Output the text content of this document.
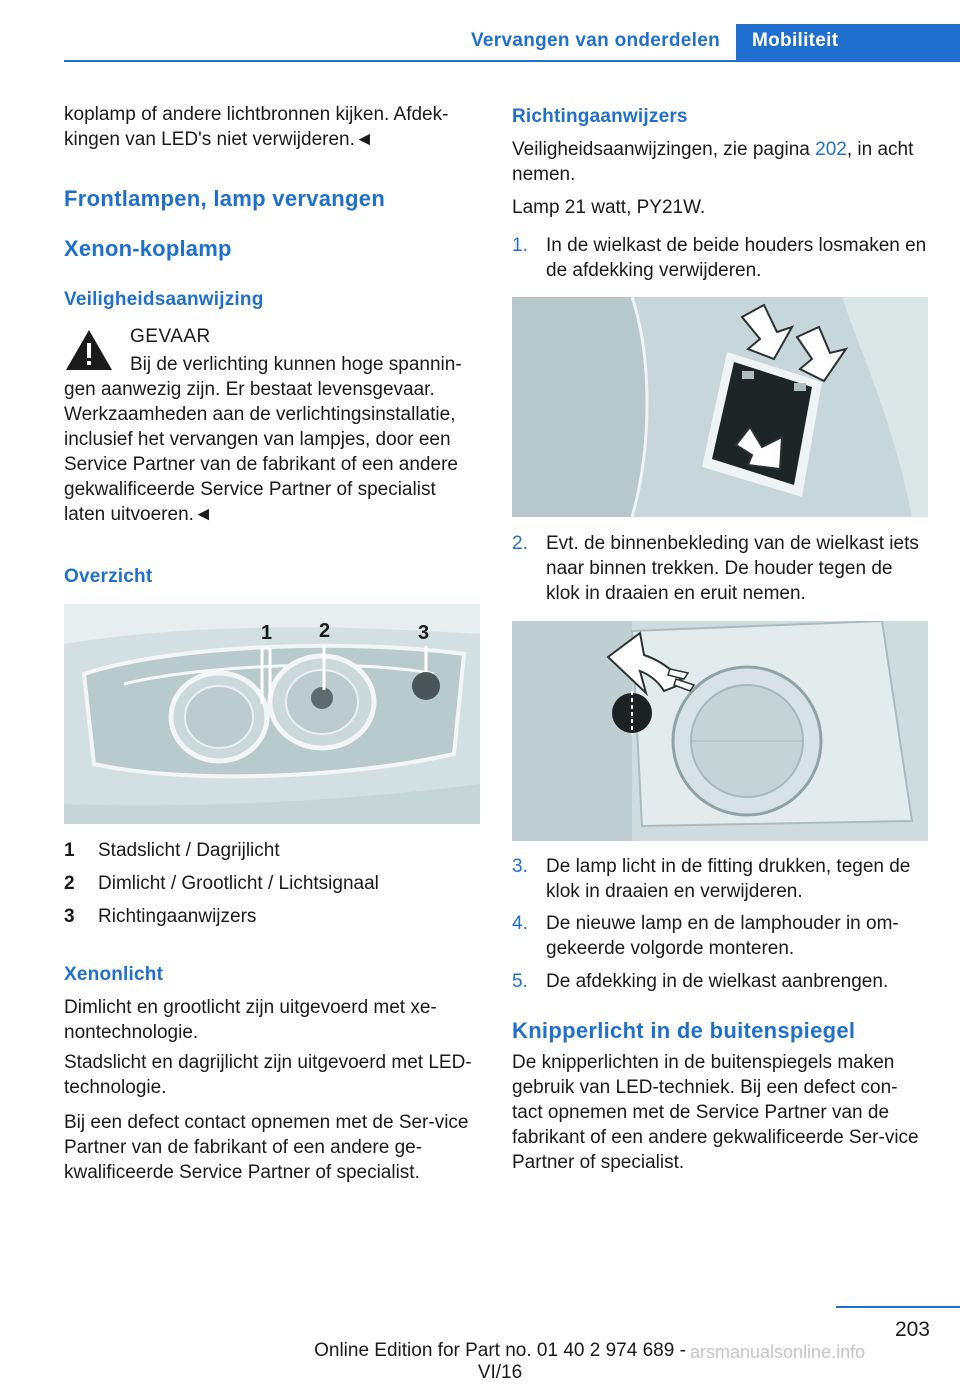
Vervangen van onderdelen	Mobiliteit

koplamp of andere lichtbronnen kijken. Afdek-kingen van LED's niet verwijderen.◄

Frontlampen, lamp vervangen
Xenon-koplamp
Veiligheidsaanwijzing
GEVAAR
Bij de verlichting kunnen hoge spannin-gen aanwezig zijn. Er bestaat levensgevaar. Werkzaamheden aan de verlichtingsinstallatie, inclusief het vervangen van lampjes, door een Service Partner van de fabrikant of een andere gekwalificeerde Service Partner of specialist laten uitvoeren.◄
Overzicht
1 2	3
1	Stadslicht / Dagrijlicht
2	Dimlicht / Grootlicht / Lichtsignaal
3	Richtingaanwijzers
Xenonlicht

Dimlicht en grootlicht zijn uitgevoerd met xe-nontechnologie.

Stadslicht en dagrijlicht zijn uitgevoerd met LED-technologie.

Bij een defect contact opnemen met de Ser-vice Partner van de fabrikant of een andere ge-kwalificeerde Service Partner of specialist.

Richtingaanwijzers

Veiligheidsaanwijzingen, zie pagina 202, in acht nemen.

Lamp 21 watt, PY21W.

1. In de wielkast de beide houders losmaken en de afdekking verwijderen.
2. Evt. de binnenbekleding van de wielkast iets naar binnen trekken. De houder tegen de klok in draaien en eruit nemen.
3. De lamp licht in de fitting drukken, tegen de klok in draaien en verwijderen.
4. De nieuwe lamp en de lamphouder in om-gekeerde volgorde monteren.
5. De afdekking in de wielkast aanbrengen.
Knipperlicht in de buitenspiegel

De knipperlichten in de buitenspiegels maken gebruik van LED-techniek. Bij een defect con-tact opnemen met de Service Partner van de fabrikant of een andere gekwalificeerde Ser-vice Partner of specialist.

203
Online Edition for Part no. 01 40 2 974 689 - VI/16
arsmanualsonline.info
